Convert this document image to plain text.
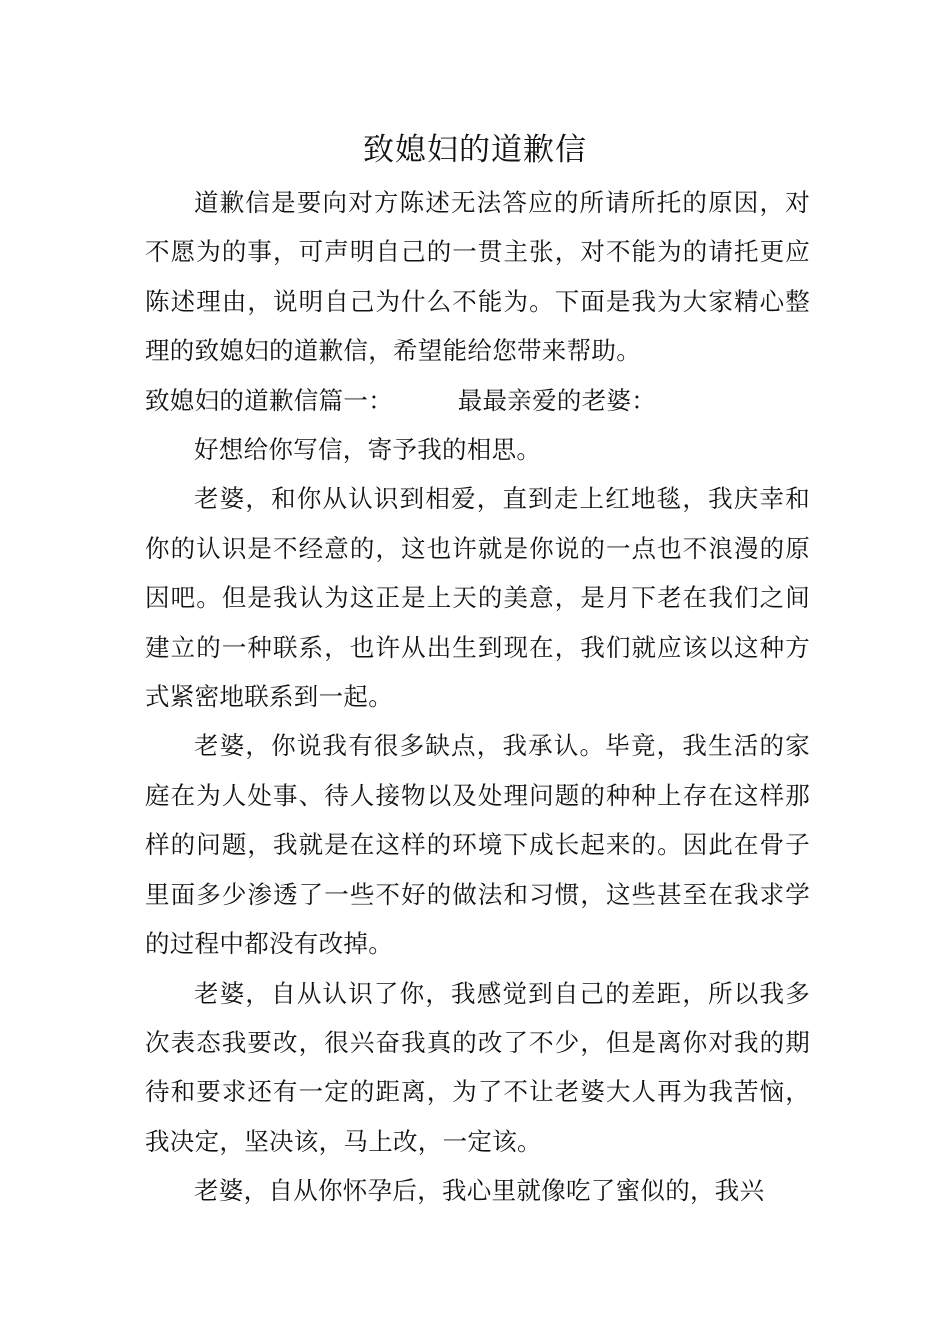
致媳妇的道歉信

道歉信是要向对方陈述无法答应的所请所托的原因，对不愿为的事，可声明自己的一贯主张，对不能为的请托更应陈述理由，说明自己为什么不能为。下面是我为大家精心整理的致媳妇的道歉信，希望能给您带来帮助。

致媳妇的道歉信篇一：        最最亲爱的老婆：

好想给你写信，寄予我的相思。

老婆，和你从认识到相爱，直到走上红地毯，我庆幸和你的认识是不经意的，这也许就是你说的一点也不浪漫的原因吧。但是我认为这正是上天的美意，是月下老在我们之间建立的一种联系，也许从出生到现在，我们就应该以这种方式紧密地联系到一起。

老婆，你说我有很多缺点，我承认。毕竟，我生活的家庭在为人处事、待人接物以及处理问题的种种上存在这样那样的问题，我就是在这样的环境下成长起来的。因此在骨子里面多少渗透了一些不好的做法和习惯，这些甚至在我求学的过程中都没有改掉。

老婆，自从认识了你，我感觉到自己的差距，所以我多次表态我要改，很兴奋我真的改了不少，但是离你对我的期待和要求还有一定的距离，为了不让老婆大人再为我苦恼，我决定，坚决该，马上改，一定该。

老婆，自从你怀孕后，我心里就像吃了蜜似的，我兴
